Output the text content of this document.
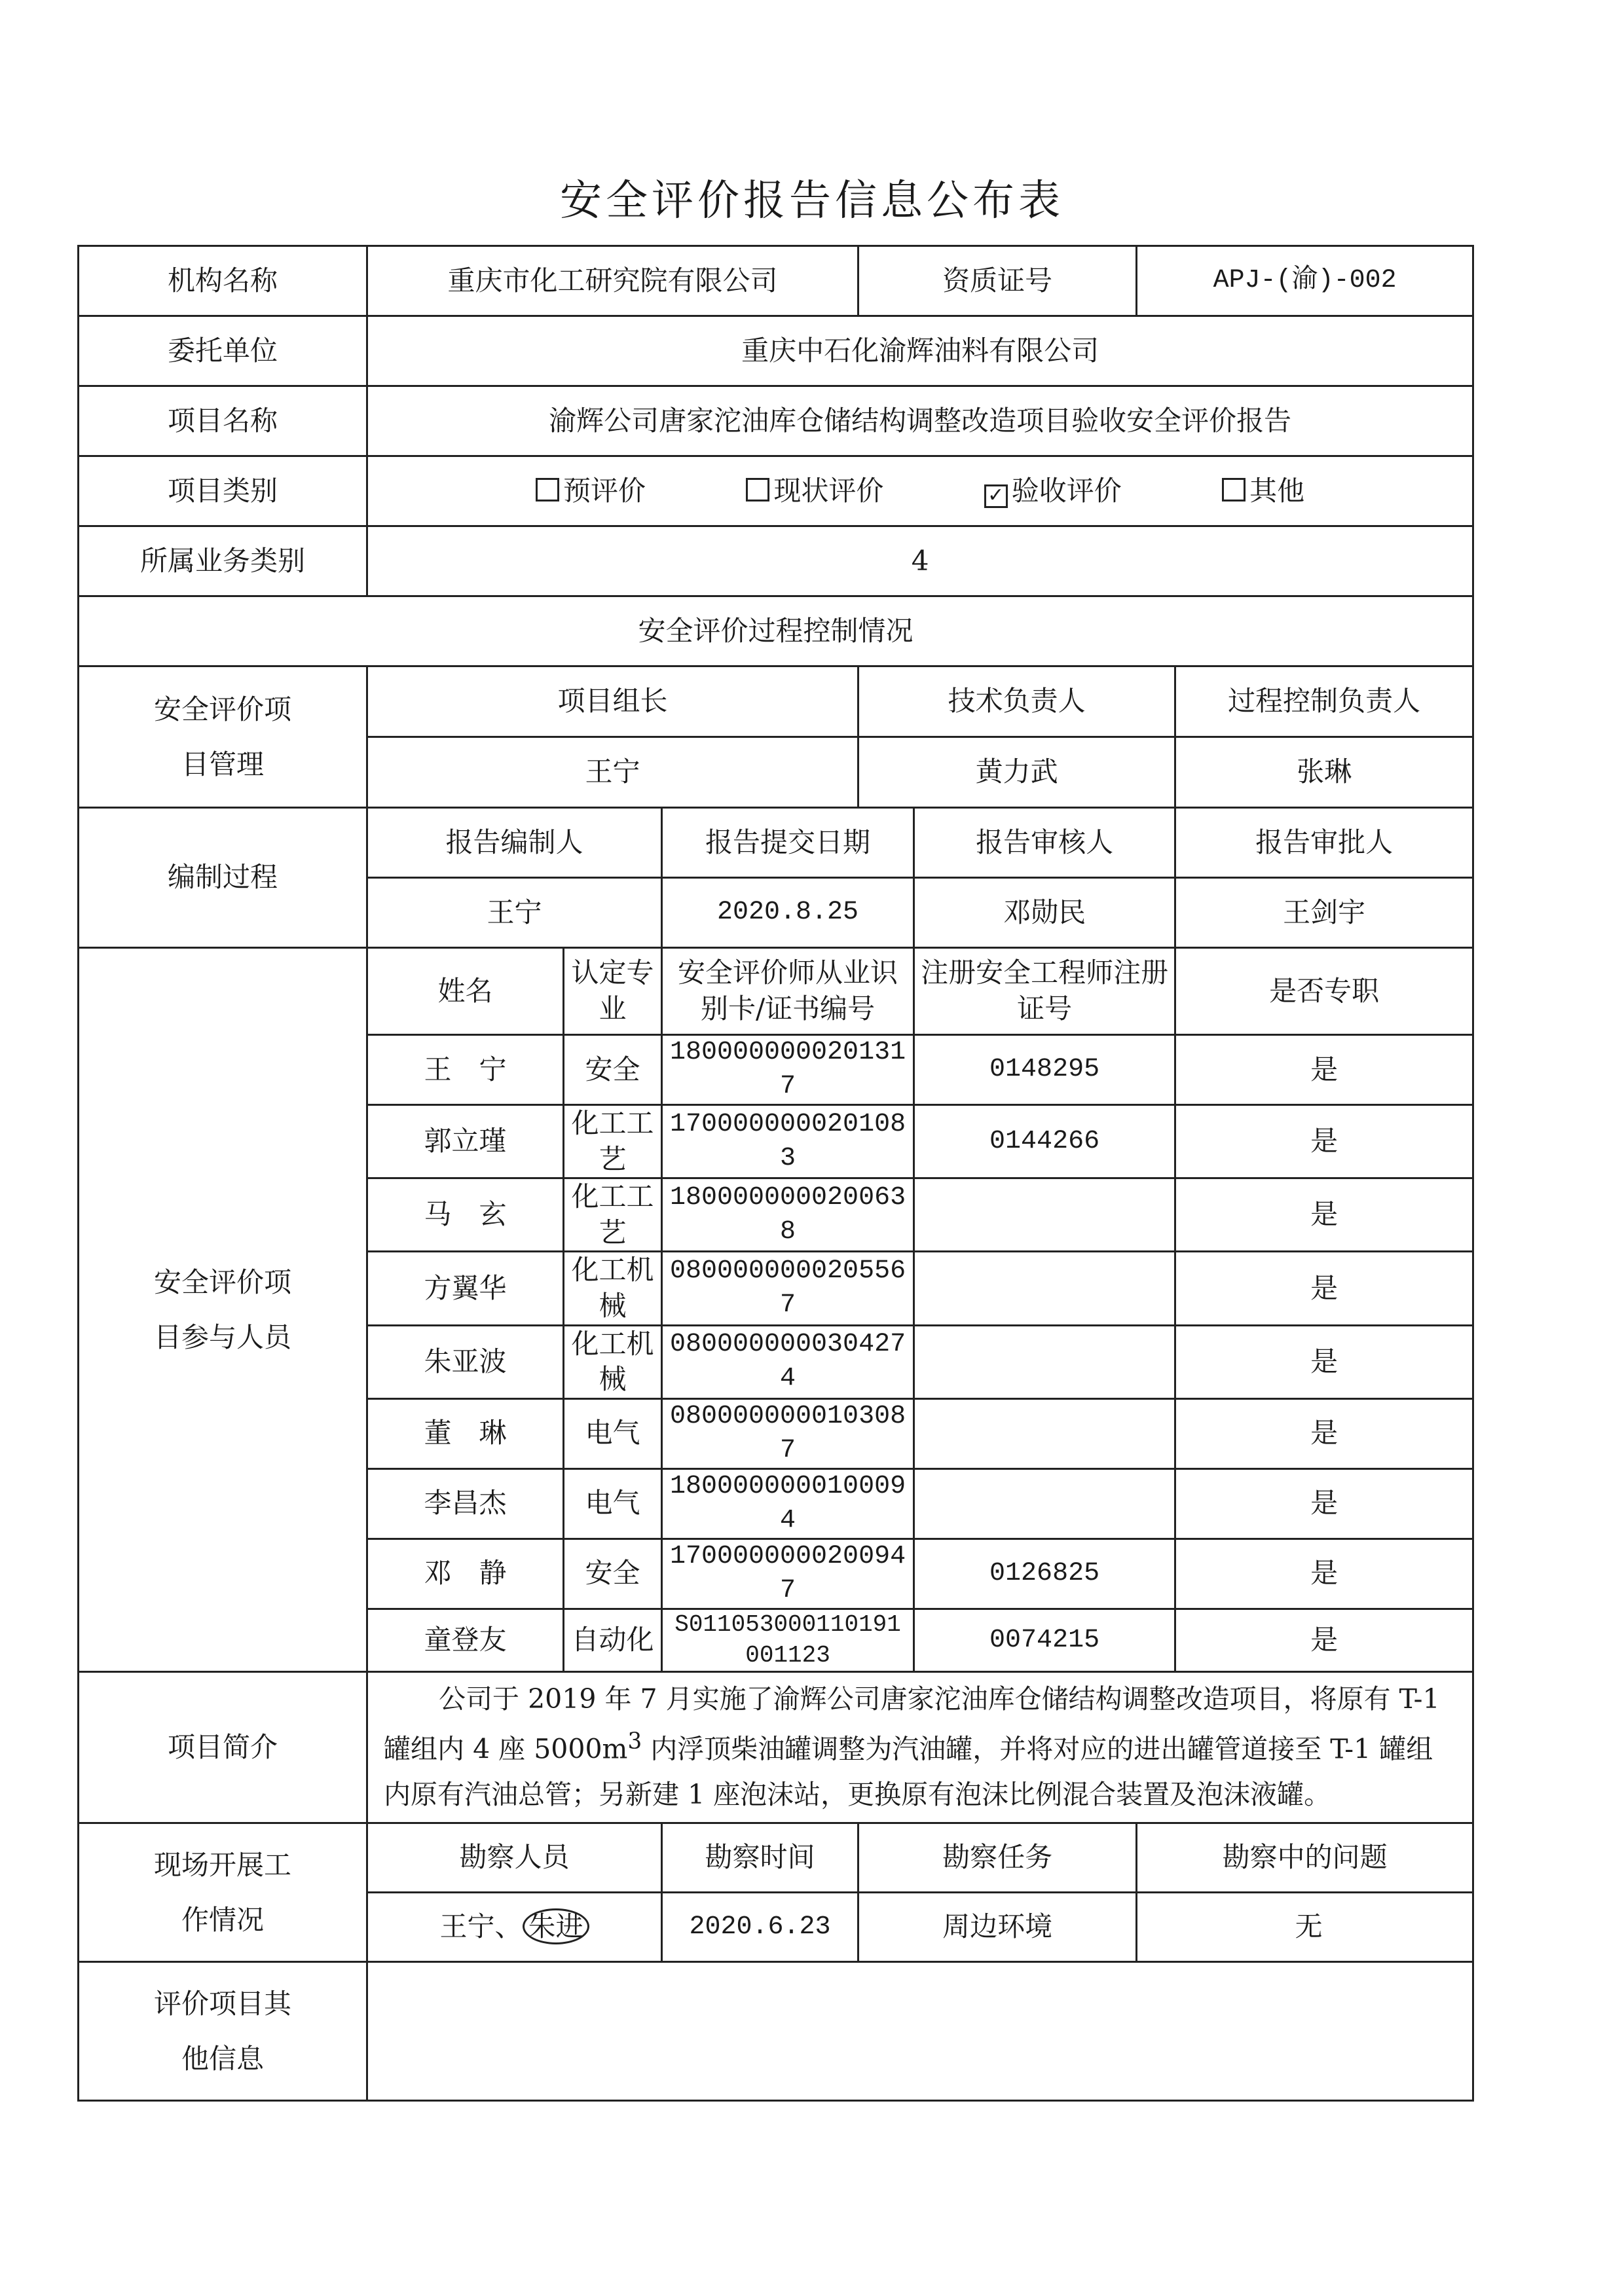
安全评价报告信息公布表
机构名称	重庆市化工研究院有限公司			资质证号		APJ-(渝)-002	
委托单位	重庆中石化渝辉油料有限公司						
项目名称	渝辉公司唐家沱油库仓储结构调整改造项目验收安全评价报告						
项目类别	预评价 现状评价 ✓ 验收评价 其他						
所属业务类别	4						
安全评价过程控制情况							

安全评价项
目管理	项目组长			技术负责人			过程控制负责人
	王宁			黄力武			张琳
编制过程	报告编制人		报告提交日期		报告审核人		报告审批人
	王宁		2020.8.25		邓勋民		王剑宇

安全评价项
目参与人员	姓名	认定专业	安全评价师从业识别卡/证书编号		注册安全工程师注册证号		是否专职
	王　宁	安全	1800000000201317		0148295		是
	郭立瑾	化工工艺	1700000000201083		0144266		是
	马　玄	化工工艺	1800000000200638				是
	方翼华	化工机械	0800000000205567				是
	朱亚波	化工机械	0800000000304274				是
	董　琳	电气	0800000000103087				是
	李昌杰	电气	1800000000100094				是
	邓　静	安全	1700000000200947		0126825		是
	童登友	自动化	S011053000110191001123		0074215		是
项目简介	公司于 2019 年 7 月实施了渝辉公司唐家沱油库仓储结构调整改造项目，将原有 T-1 罐组内 4 座 $5000m^3$ 内浮顶柴油罐调整为汽油罐，并将对应的进出罐管道接至 T-1 罐组内原有汽油总管；另新建 1 座泡沫站，更换原有泡沫比例混合装置及泡沫液罐。						

现场开展工
作情况	勘察人员		勘察时间	勘察任务		勘察中的问题	
	王宁、 朱进		2020.6.23	周边环境		无	

评价项目其
他信息							
